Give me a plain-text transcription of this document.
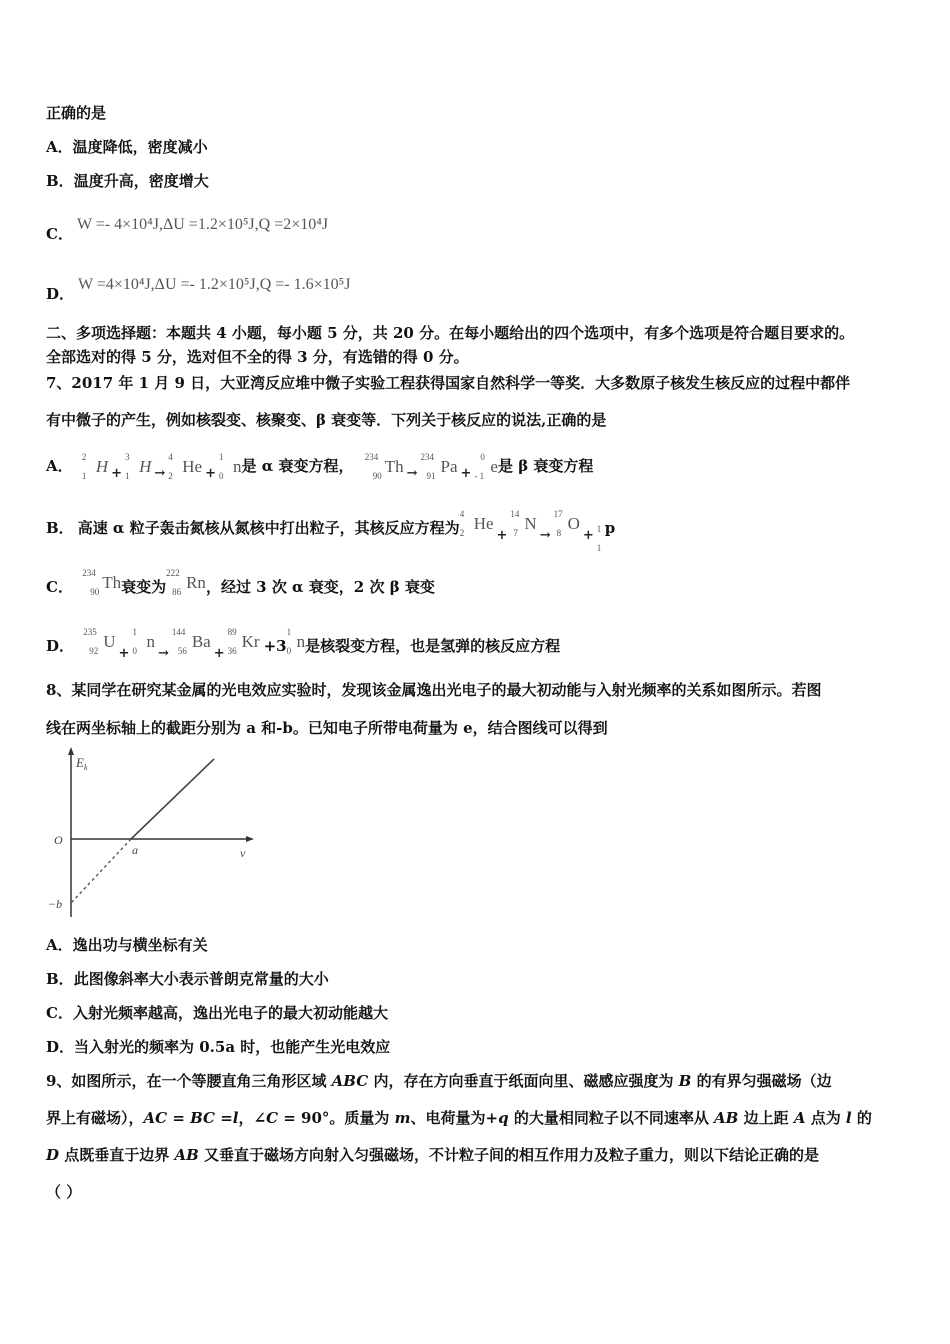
正确的是
A．温度降低，密度减小
B．温度升高，密度增大
C．W =- 4×10⁴J,ΔU =1.2×10⁵J,Q =2×10⁴J
D．W =4×10⁴J,ΔU =- 1.2×10⁵J,Q =- 1.6×10⁵J
二、多项选择题：本题共 4 小题，每小题 5 分，共 20 分。在每小题给出的四个选项中，有多个选项是符合题目要求的。
全部选对的得 5 分，选对但不全的得 3 分，有选错的得 0 分。
7、2017 年 1 月 9 日，大亚湾反应堆中微子实验工程获得国家自然科学一等奖．大多数原子核发生核反应的过程中都伴
有中微子的产生，例如核裂变、核聚变、β 衰变等．下列关于核反应的说法,正确的是
A．
2
1 H +
3
1 H →
4
2 He +
1
0 n是 α 衰变方程，
234
90 Th →
234
91 Pa +
0
- 1 e是 β 衰变方程
B． 高速 α 粒子轰击氮核从氮核中打出粒子，其核反应方程为
4
2 He+
14
7 N→
17
8 O+ 1
1
p
C．
234
90 Th衰变为
222
86 Rn，经过 3 次 α 衰变，2 次 β 衰变
D．
235
92 U+
1
0 n→
144
56 Ba+
89
36 Kr +3
1
0 n是核裂变方程，也是氢弹的核反应方程
8、某同学在研究某金属的光电效应实验时，发现该金属逸出光电子的最大初动能与入射光频率的关系如图所示。若图
线在两坐标轴上的截距分别为 a 和-b。已知电子所带电荷量为 e，结合图线可以得到
$E_k$
ν
O
a
−b
A．逸出功与横坐标有关
B．此图像斜率大小表示普朗克常量的大小
C．入射光频率越高，逸出光电子的最大初动能越大
D．当入射光的频率为 0.5a 时，也能产生光电效应
9、如图所示，在一个等腰直角三角形区域 ABC 内，存在方向垂直于纸面向里、磁感应强度为 B 的有界匀强磁场（边
界上有磁场），AC = BC =l，∠C = 90°。质量为 m、电荷量为+q 的大量相同粒子以不同速率从 AB 边上距 A 点为 l 的
D 点既垂直于边界 AB 又垂直于磁场方向射入匀强磁场，不计粒子间的相互作用力及粒子重力，则以下结论正确的是
（ ）
